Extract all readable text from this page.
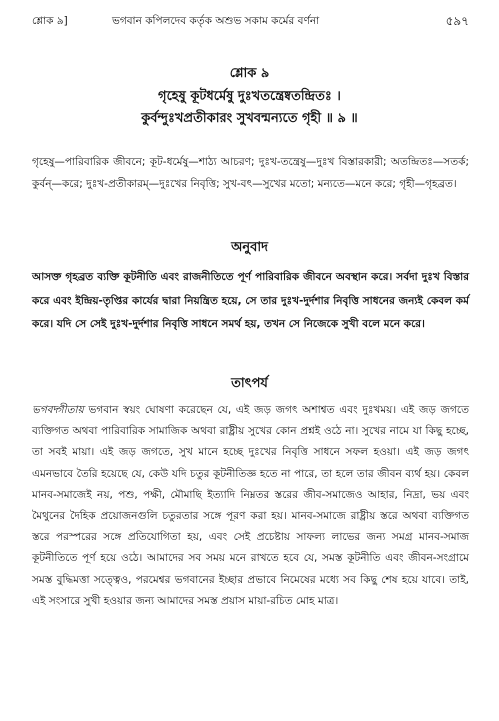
শ্লোক ৯]	ভগবান কপিলদেব কর্তৃক অশুভ সকাম কর্মের বর্ণনা	৫৯৭
শ্লোক ৯
গৃহেষু কূটধর্মেষু দুঃখতন্ত্রেষ্বতন্দ্রিতঃ ।
কুর্বন্দুঃখপ্রতীকারং সুখবন্মন্যতে গৃহী ॥ ৯ ॥
গৃহেষু—পারিবারিক জীবনে; কূট-ধর্মেষু—শাঠ্য আচরণ; দুঃখ-তন্ত্রেষু—দুঃখ বিস্তারকারী; অতন্দ্রিতঃ—সতর্ক; কুর্বন্—করে; দুঃখ-প্রতীকারম্—দুঃখের নিবৃত্তি; সুখ-বৎ—সুখের মতো; মন্যতে—মনে করে; গৃহী—গৃহব্রত।
অনুবাদ
আসক্ত গৃহব্রত ব্যক্তি কূটনীতি এবং রাজনীতিতে পূর্ণ পারিবারিক জীবনে অবস্থান করে। সর্বদা দুঃখ বিস্তার করে এবং ইন্দ্রিয়-তৃপ্তির কার্যের দ্বারা নিয়ন্ত্রিত হয়ে, সে তার দুঃখ-দুর্দশার নিবৃত্তি সাধনের জন্যই কেবল কর্ম করে। যদি সে সেই দুঃখ-দুর্দশার নিবৃত্তি সাধনে সমর্থ হয়, তখন সে নিজেকে সুখী বলে মনে করে।
তাৎপর্য
ভগবদ্গীতায় ভগবান স্বয়ং ঘোষণা করেছেন যে, এই জড় জগৎ অশাশ্বত এবং দুঃখময়। এই জড় জগতে ব্যক্তিগত অথবা পারিবারিক সামাজিক অথবা রাষ্ট্রীয় সুখের কোন প্রশ্নই ওঠে না। সুখের নামে যা কিছু হচ্ছে, তা সবই মায়া। এই জড় জগতে, সুখ মানে হচ্ছে দুঃখের নিবৃত্তি সাধনে সফল হওয়া। এই জড় জগৎ এমনভাবে তৈরি হয়েছে যে, কেউ যদি চতুর কূটনীতিজ্ঞ হতে না পারে, তা হলে তার জীবন ব্যর্থ হয়। কেবল মানব-সমাজেই নয়, পশু, পক্ষী, মৌমাছি ইত্যাদি নিম্নতর স্তরের জীব-সমাজেও আহার, নিদ্রা, ভয় এবং মৈথুনের দৈহিক প্রয়োজনগুলি চতুরতার সঙ্গে পূরণ করা হয়। মানব-সমাজে রাষ্ট্রীয় স্তরে অথবা ব্যক্তিগত স্তরে পরস্পরের সঙ্গে প্রতিযোগিতা হয়, এবং সেই প্রচেষ্টায় সাফল্য লাভের জন্য সমগ্র মানব-সমাজ কূটনীতিতে পূর্ণ হয়ে ওঠে। আমাদের সব সময় মনে রাখতে হবে যে, সমস্ত কূটনীতি এবং জীবন-সংগ্রামে সমস্ত বুদ্ধিমত্তা সত্ত্বেও, পরমেশ্বর ভগবানের ইচ্ছার প্রভাবে নিমেষের মধ্যে সব কিছু শেষ হয়ে যাবে। তাই, এই সংসারে সুখী হওয়ার জন্য আমাদের সমস্ত প্রয়াস মায়া-রচিত মোহ মাত্র।
